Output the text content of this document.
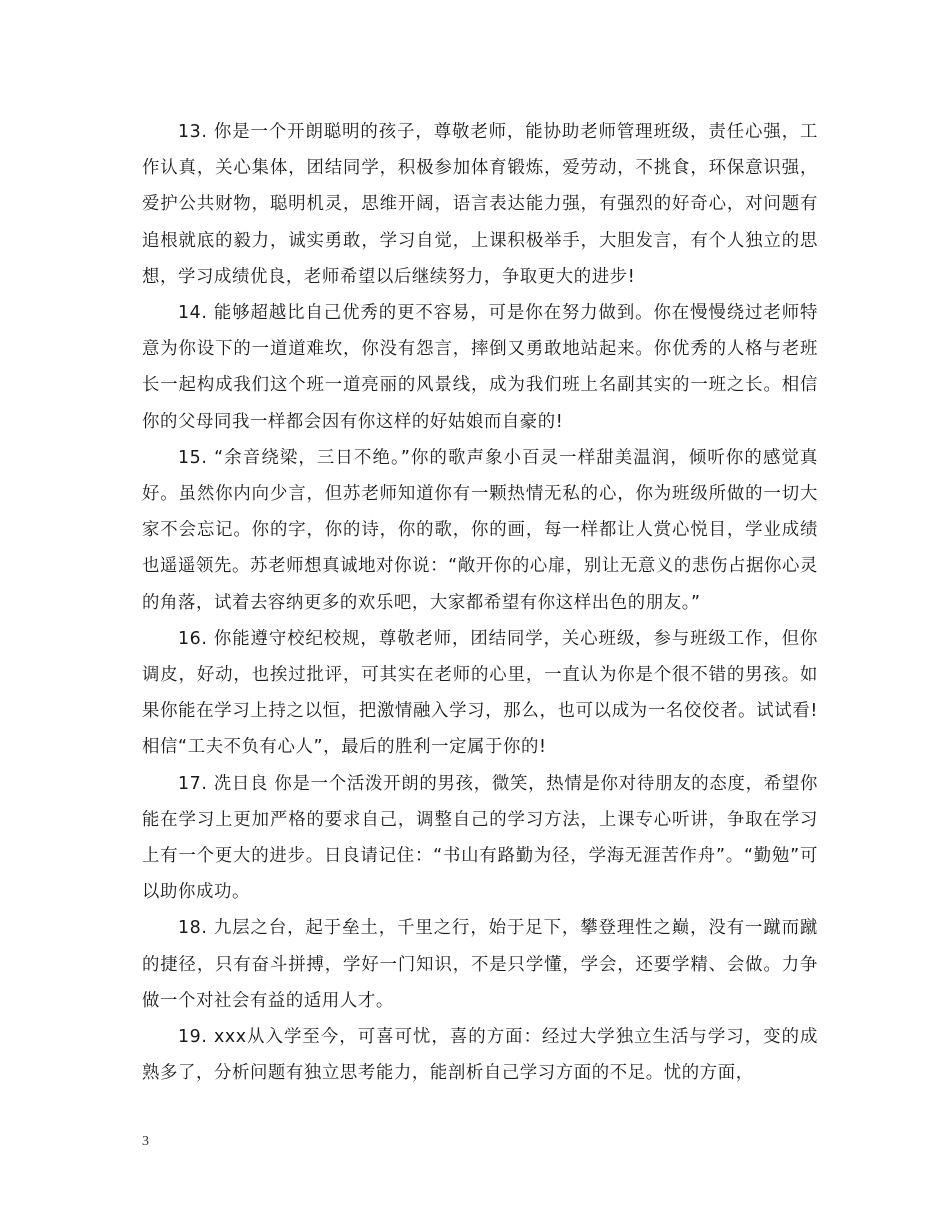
13. 你是一个开朗聪明的孩子，尊敬老师，能协助老师管理班级，责任心强，工作认真，关心集体，团结同学，积极参加体育锻炼，爱劳动，不挑食，环保意识强，爱护公共财物，聪明机灵，思维开阔，语言表达能力强，有强烈的好奇心，对问题有追根就底的毅力，诚实勇敢，学习自觉，上课积极举手，大胆发言，有个人独立的思想，学习成绩优良，老师希望以后继续努力，争取更大的进步!

14. 能够超越比自己优秀的更不容易，可是你在努力做到。你在慢慢绕过老师特意为你设下的一道道难坎，你没有怨言，摔倒又勇敢地站起来。你优秀的人格与老班长一起构成我们这个班一道亮丽的风景线，成为我们班上名副其实的一班之长。相信你的父母同我一样都会因有你这样的好姑娘而自豪的!

15. “余音绕梁，三日不绝。”你的歌声象小百灵一样甜美温润，倾听你的感觉真好。虽然你内向少言，但苏老师知道你有一颗热情无私的心，你为班级所做的一切大家不会忘记。你的字，你的诗，你的歌，你的画，每一样都让人赏心悦目，学业成绩也遥遥领先。苏老师想真诚地对你说：“敞开你的心扉，别让无意义的悲伤占据你心灵的角落，试着去容纳更多的欢乐吧，大家都希望有你这样出色的朋友。”

16. 你能遵守校纪校规，尊敬老师，团结同学，关心班级，参与班级工作，但你调皮，好动，也挨过批评，可其实在老师的心里，一直认为你是个很不错的男孩。如果你能在学习上持之以恒，把激情融入学习，那么，也可以成为一名佼佼者。试试看!相信“工夫不负有心人”，最后的胜利一定属于你的!

17. 冼日良 你是一个活泼开朗的男孩，微笑，热情是你对待朋友的态度，希望你能在学习上更加严格的要求自己，调整自己的学习方法，上课专心听讲，争取在学习上有一个更大的进步。日良请记住：“书山有路勤为径，学海无涯苦作舟”。“勤勉”可以助你成功。

18. 九层之台，起于垒土，千里之行，始于足下，攀登理性之巅，没有一蹴而蹴的捷径，只有奋斗拼搏，学好一门知识，不是只学懂，学会，还要学精、会做。力争做一个对社会有益的适用人才。

19. xxx从入学至今，可喜可忧，喜的方面：经过大学独立生活与学习，变的成熟多了，分析问题有独立思考能力，能剖析自己学习方面的不足。忧的方面，

3
